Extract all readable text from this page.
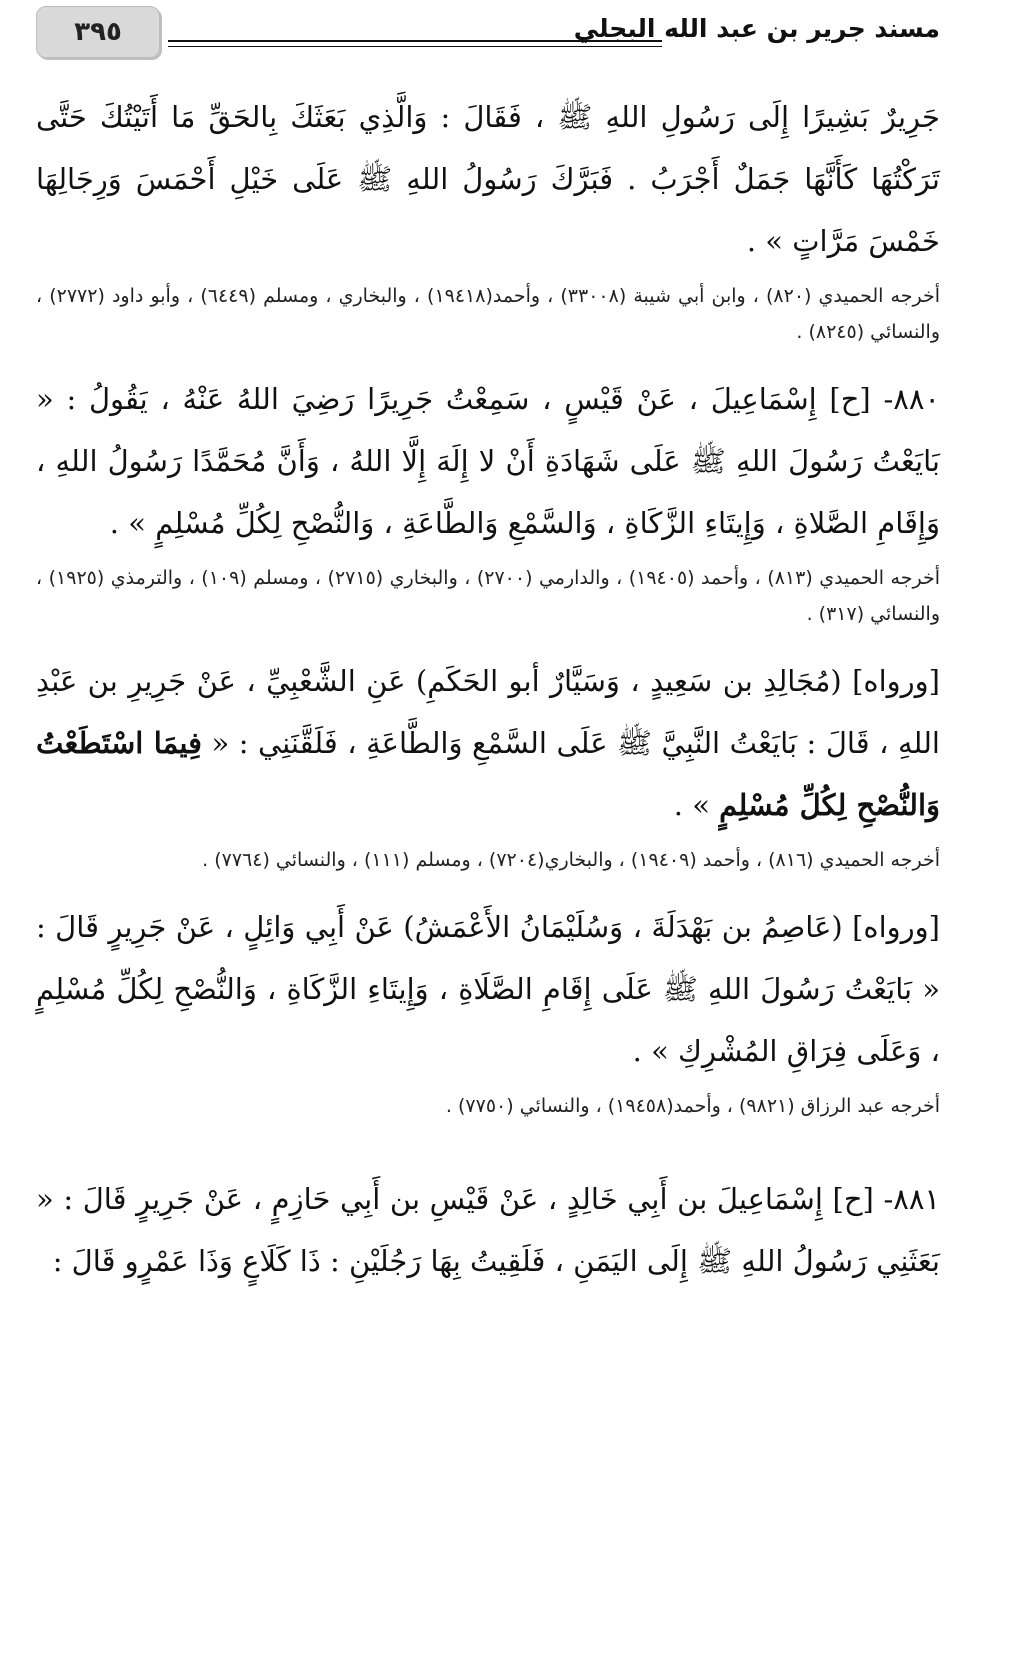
٣٩٥	مسند جرير بن عبد الله البجلي

جَرِيرٌ بَشِيرًا إِلَى رَسُولِ اللهِ ﷺ ، فَقَالَ : وَالَّذِي بَعَثَكَ بِالحَقِّ مَا أَتَيْتُكَ حَتَّى تَرَكْتُهَا كَأَنَّهَا جَمَلٌ أَجْرَبُ . فَبَرَّكَ رَسُولُ اللهِ ﷺ عَلَى خَيْلِ أَحْمَسَ وَرِجَالِهَا خَمْسَ مَرَّاتٍ » .

أخرجه الحميدي (٨٢٠) ، وابن أبي شيبة (٣٣٠٠٨) ، وأحمد(١٩٤١٨) ، والبخاري ، ومسلم (٦٤٤٩) ، وأبو داود (٢٧٧٢) ، والنسائي (٨٢٤٥) .

٨٨٠- [ح] إِسْمَاعِيلَ ، عَنْ قَيْسٍ ، سَمِعْتُ جَرِيرًا رَضِيَ اللهُ عَنْهُ ، يَقُولُ : « بَايَعْتُ رَسُولَ اللهِ ﷺ عَلَى شَهَادَةِ أَنْ لا إِلَهَ إِلَّا اللهُ ، وَأَنَّ مُحَمَّدًا رَسُولُ اللهِ ، وَإِقَامِ الصَّلاةِ ، وَإِيتَاءِ الزَّكَاةِ ، وَالسَّمْعِ وَالطَّاعَةِ ، وَالنُّصْحِ لِكُلِّ مُسْلِمٍ » .

أخرجه الحميدي (٨١٣) ، وأحمد (١٩٤٠٥) ، والدارمي (٢٧٠٠) ، والبخاري (٢٧١٥) ، ومسلم (١٠٩) ، والترمذي (١٩٢٥) ، والنسائي (٣١٧) .

[ورواه] (مُجَالِدِ بن سَعِيدٍ ، وَسَيَّارٌ أبو الحَكَمِ) عَنِ الشَّعْبِيِّ ، عَنْ جَرِيرِ بن عَبْدِ اللهِ ، قَالَ : بَايَعْتُ النَّبِيَّ ﷺ عَلَى السَّمْعِ وَالطَّاعَةِ ، فَلَقَّنَنِي : « فِيمَا اسْتَطَعْتُ وَالنُّصْحِ لِكُلِّ مُسْلِمٍ » .

أخرجه الحميدي (٨١٦) ، وأحمد (١٩٤٠٩) ، والبخاري(٧٢٠٤) ، ومسلم (١١١) ، والنسائي (٧٧٦٤) .

[ورواه] (عَاصِمُ بن بَهْدَلَةَ ، وَسُلَيْمَانُ الأَعْمَشُ) عَنْ أَبِي وَائِلٍ ، عَنْ جَرِيرٍ قَالَ : « بَايَعْتُ رَسُولَ اللهِ ﷺ عَلَى إِقَامِ الصَّلَاةِ ، وَإِيتَاءِ الزَّكَاةِ ، وَالنُّصْحِ لِكُلِّ مُسْلِمٍ ، وَعَلَى فِرَاقِ المُشْرِكِ » .

أخرجه عبد الرزاق (٩٨٢١) ، وأحمد(١٩٤٥٨) ، والنسائي (٧٧٥٠) .

٨٨١- [ح] إِسْمَاعِيلَ بن أَبِي خَالِدٍ ، عَنْ قَيْسِ بن أَبِي حَازِمٍ ، عَنْ جَرِيرٍ قَالَ : « بَعَثَنِي رَسُولُ اللهِ ﷺ إِلَى اليَمَنِ ، فَلَقِيتُ بِهَا رَجُلَيْنِ : ذَا كَلَاعٍ وَذَا عَمْرٍو قَالَ :
